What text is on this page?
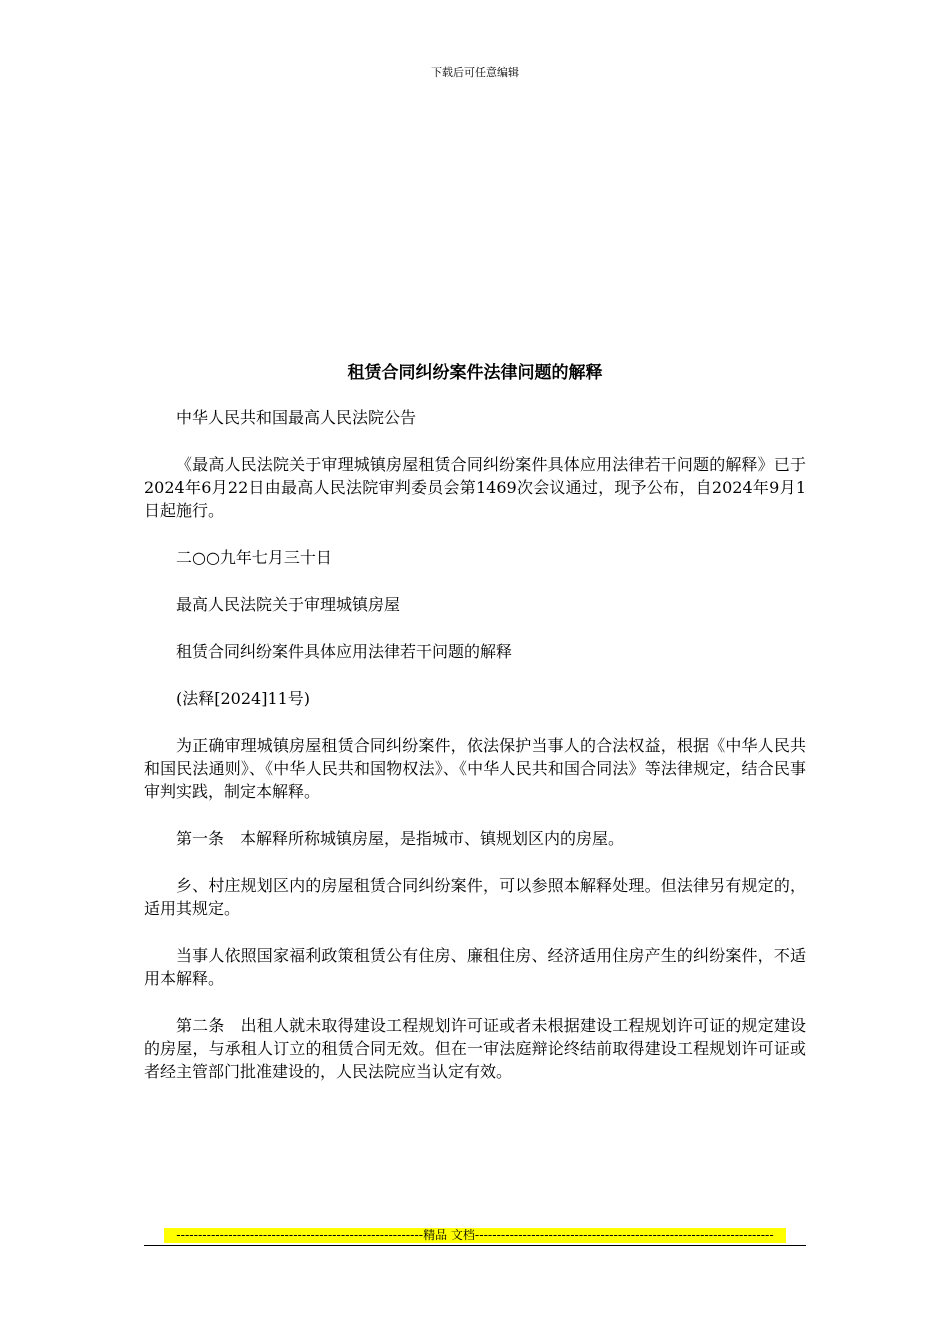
下载后可任意编辑
租赁合同纠纷案件法律问题的解释

中华人民共和国最高人民法院公告

《最高人民法院关于审理城镇房屋租赁合同纠纷案件具体应用法律若干问题的解释》已于2024年6月22日由最高人民法院审判委员会第1469次会议通过，现予公布，自2024年9月1日起施行。

二○○九年七月三十日

最高人民法院关于审理城镇房屋

租赁合同纠纷案件具体应用法律若干问题的解释

(法释[2024]11号)

为正确审理城镇房屋租赁合同纠纷案件，依法保护当事人的合法权益，根据《中华人民共和国民法通则》、《中华人民共和国物权法》、《中华人民共和国合同法》等法律规定，结合民事审判实践，制定本解释。

第一条　本解释所称城镇房屋，是指城市、镇规划区内的房屋。

乡、村庄规划区内的房屋租赁合同纠纷案件，可以参照本解释处理。但法律另有规定的，适用其规定。

当事人依照国家福利政策租赁公有住房、廉租住房、经济适用住房产生的纠纷案件，不适用本解释。

第二条　出租人就未取得建设工程规划许可证或者未根据建设工程规划许可证的规定建设的房屋，与承租人订立的租赁合同无效。但在一审法庭辩论终结前取得建设工程规划许可证或者经主管部门批准建设的，人民法院应当认定有效。

---------------------------------------------------------精品 文档---------------------------------------------------------------------
